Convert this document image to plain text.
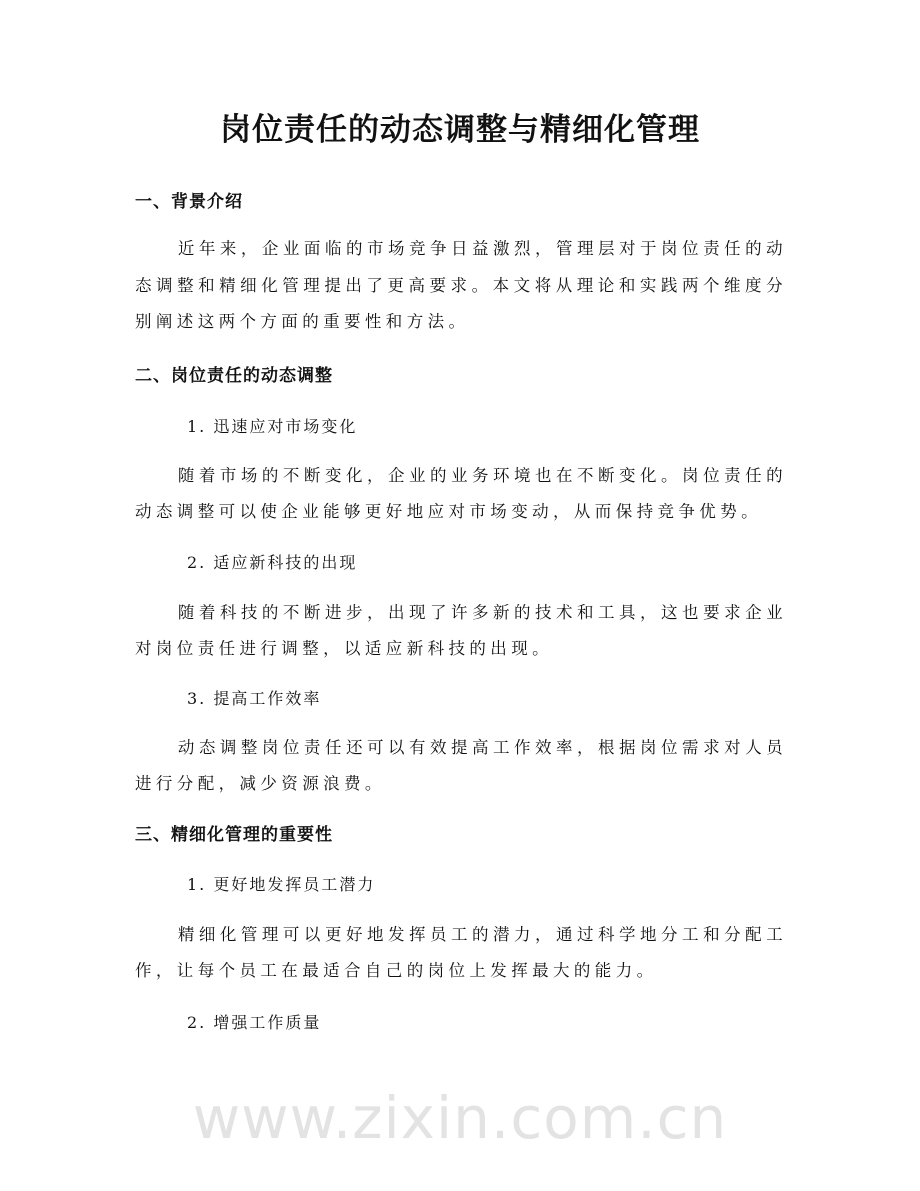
岗位责任的动态调整与精细化管理
一、背景介绍
近年来，企业面临的市场竞争日益激烈，管理层对于岗位责任的动态调整和精细化管理提出了更高要求。本文将从理论和实践两个维度分别阐述这两个方面的重要性和方法。
二、岗位责任的动态调整
1. 迅速应对市场变化
随着市场的不断变化，企业的业务环境也在不断变化。岗位责任的动态调整可以使企业能够更好地应对市场变动，从而保持竞争优势。
2. 适应新科技的出现
随着科技的不断进步，出现了许多新的技术和工具，这也要求企业对岗位责任进行调整，以适应新科技的出现。
3. 提高工作效率
动态调整岗位责任还可以有效提高工作效率，根据岗位需求对人员进行分配，减少资源浪费。
三、精细化管理的重要性
1. 更好地发挥员工潜力
精细化管理可以更好地发挥员工的潜力，通过科学地分工和分配工作，让每个员工在最适合自己的岗位上发挥最大的能力。
2. 增强工作质量
www.zixin.com.cn
